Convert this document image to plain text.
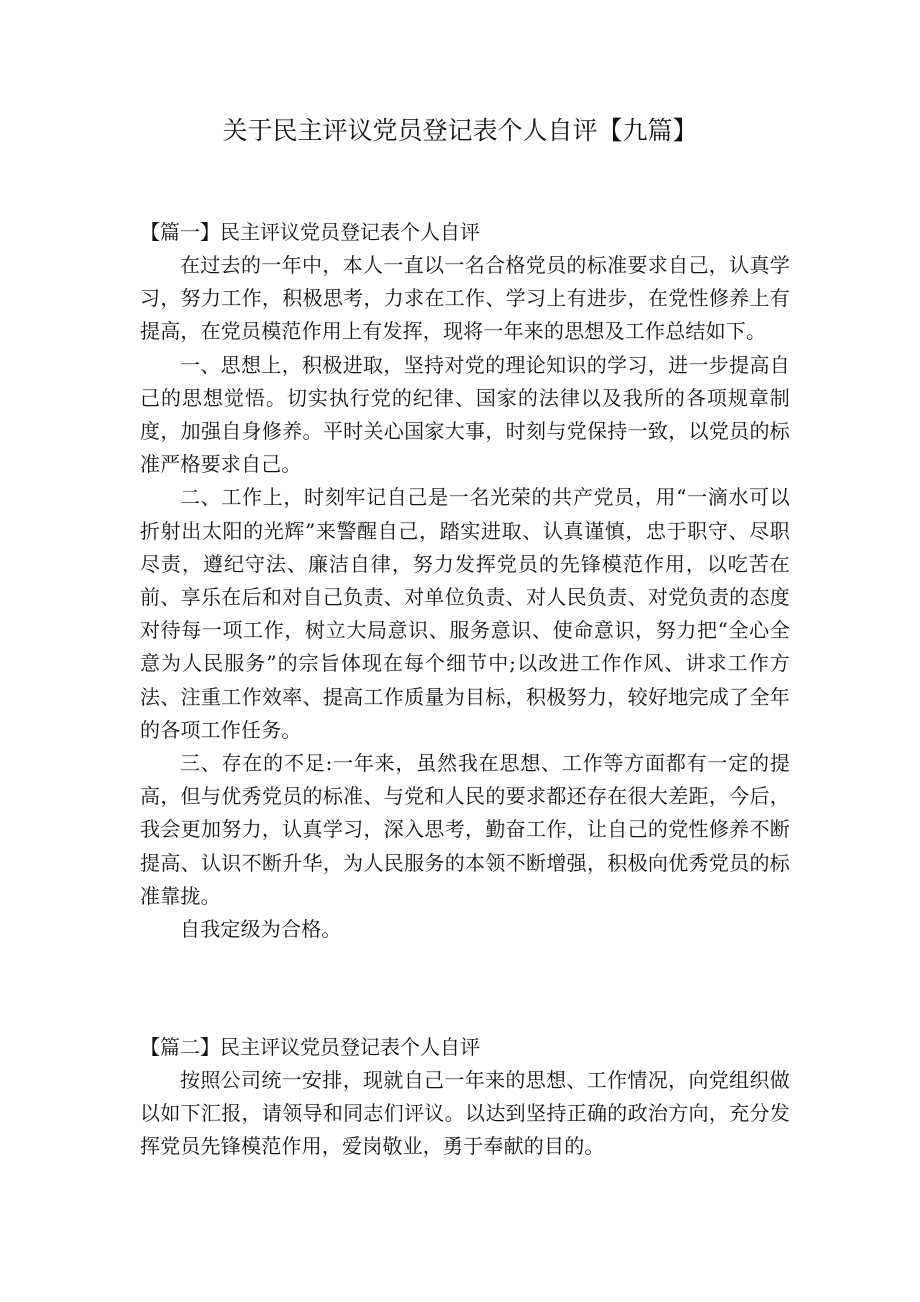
关于民主评议党员登记表个人自评【九篇】
【篇一】民主评议党员登记表个人自评

在过去的一年中，本人一直以一名合格党员的标准要求自己，认真学习，努力工作，积极思考，力求在工作、学习上有进步，在党性修养上有提高，在党员模范作用上有发挥，现将一年来的思想及工作总结如下。

一、思想上，积极进取，坚持对党的理论知识的学习，进一步提高自己的思想觉悟。切实执行党的纪律、国家的法律以及我所的各项规章制度，加强自身修养。平时关心国家大事，时刻与党保持一致，以党员的标准严格要求自己。

二、工作上，时刻牢记自己是一名光荣的共产党员，用“一滴水可以折射出太阳的光辉”来警醒自己，踏实进取、认真谨慎，忠于职守、尽职尽责，遵纪守法、廉洁自律，努力发挥党员的先锋模范作用，以吃苦在前、享乐在后和对自己负责、对单位负责、对人民负责、对党负责的态度对待每一项工作，树立大局意识、服务意识、使命意识，努力把“全心全意为人民服务”的宗旨体现在每个细节中;以改进工作作风、讲求工作方法、注重工作效率、提高工作质量为目标，积极努力，较好地完成了全年的各项工作任务。

三、存在的不足:一年来，虽然我在思想、工作等方面都有一定的提高，但与优秀党员的标准、与党和人民的要求都还存在很大差距，今后，我会更加努力，认真学习，深入思考，勤奋工作，让自己的党性修养不断提高、认识不断升华，为人民服务的本领不断增强，积极向优秀党员的标准靠拢。

自我定级为合格。

【篇二】民主评议党员登记表个人自评

按照公司统一安排，现就自己一年来的思想、工作情况，向党组织做以如下汇报，请领导和同志们评议。以达到坚持正确的政治方向，充分发挥党员先锋模范作用，爱岗敬业，勇于奉献的目的。
